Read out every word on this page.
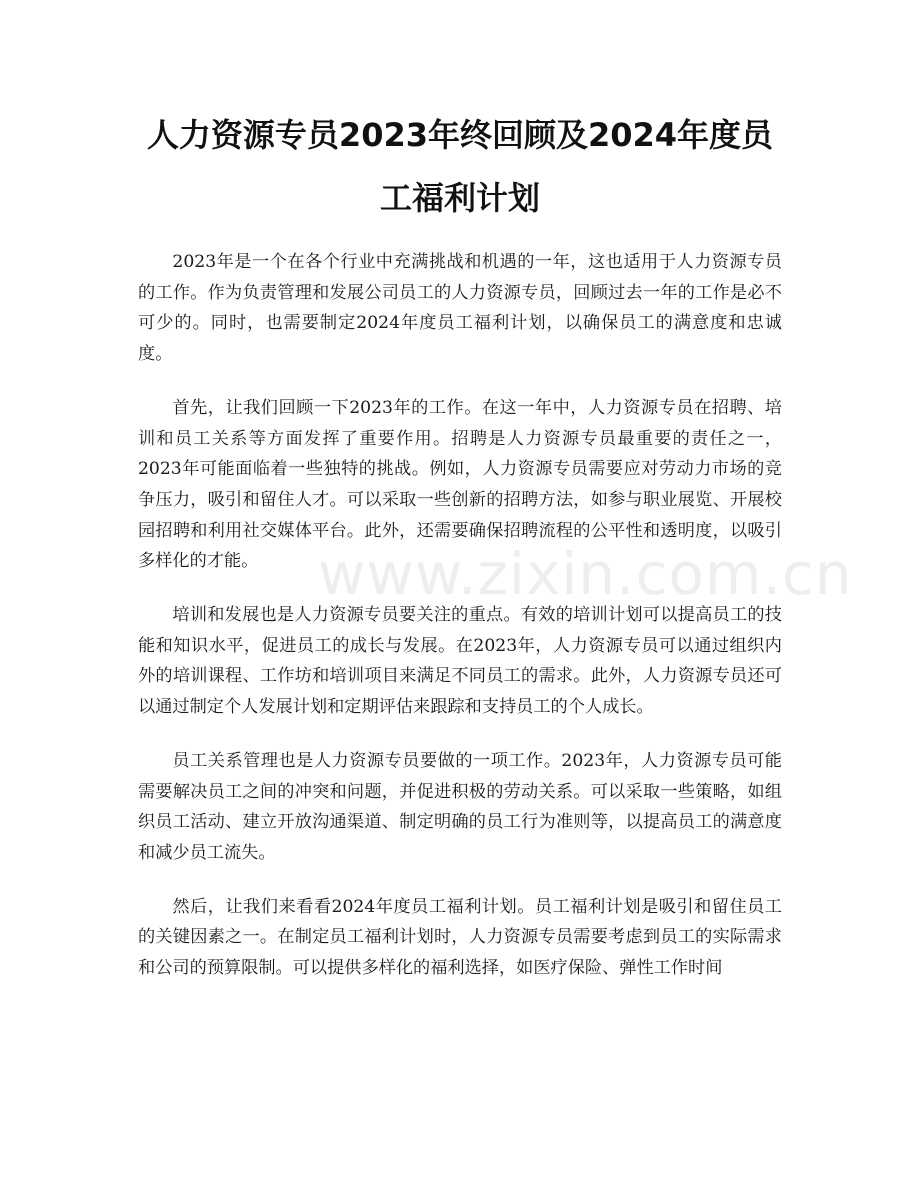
人力资源专员2023年终回顾及2024年度员工福利计划

2023年是一个在各个行业中充满挑战和机遇的一年，这也适用于人力资源专员的工作。作为负责管理和发展公司员工的人力资源专员，回顾过去一年的工作是必不可少的。同时，也需要制定2024年度员工福利计划，以确保员工的满意度和忠诚度。

首先，让我们回顾一下2023年的工作。在这一年中，人力资源专员在招聘、培训和员工关系等方面发挥了重要作用。招聘是人力资源专员最重要的责任之一，2023年可能面临着一些独特的挑战。例如，人力资源专员需要应对劳动力市场的竞争压力，吸引和留住人才。可以采取一些创新的招聘方法，如参与职业展览、开展校园招聘和利用社交媒体平台。此外，还需要确保招聘流程的公平性和透明度，以吸引多样化的才能。

培训和发展也是人力资源专员要关注的重点。有效的培训计划可以提高员工的技能和知识水平，促进员工的成长与发展。在2023年，人力资源专员可以通过组织内外的培训课程、工作坊和培训项目来满足不同员工的需求。此外，人力资源专员还可以通过制定个人发展计划和定期评估来跟踪和支持员工的个人成长。

员工关系管理也是人力资源专员要做的一项工作。2023年，人力资源专员可能需要解决员工之间的冲突和问题，并促进积极的劳动关系。可以采取一些策略，如组织员工活动、建立开放沟通渠道、制定明确的员工行为准则等，以提高员工的满意度和减少员工流失。

然后，让我们来看看2024年度员工福利计划。员工福利计划是吸引和留住员工的关键因素之一。在制定员工福利计划时，人力资源专员需要考虑到员工的实际需求和公司的预算限制。可以提供多样化的福利选择，如医疗保险、弹性工作时间

www.zixin.com.cn
